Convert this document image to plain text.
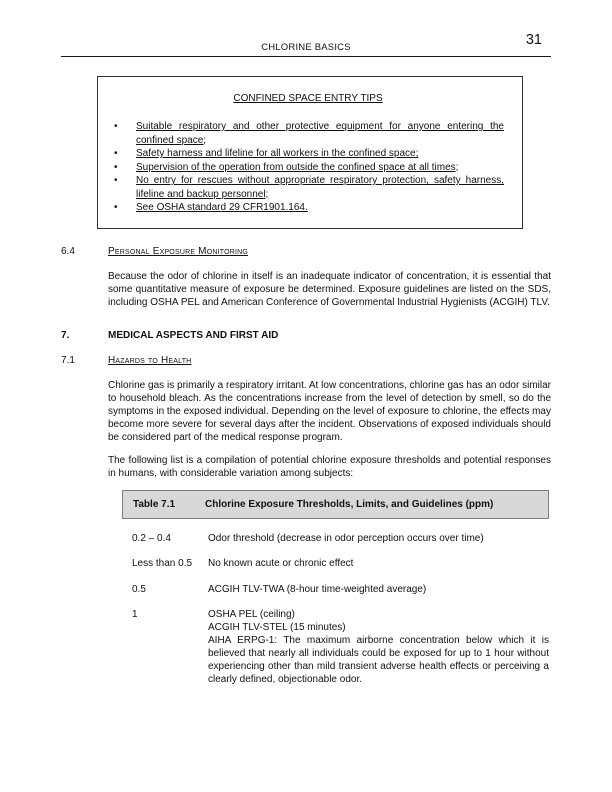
CHLORINE BASICS	31
CONFINED SPACE ENTRY TIPS
•	Suitable respiratory and other protective equipment for anyone entering the confined space;
•	Safety harness and lifeline for all workers in the confined space;
•	Supervision of the operation from outside the confined space at all times;
•	No entry for rescues without appropriate respiratory protection, safety harness, lifeline and backup personnel;
•	See OSHA standard 29 CFR1901.164.
6.4	Personal Exposure Monitoring

Because the odor of chlorine in itself is an inadequate indicator of concentration, it is essential that some quantitative measure of exposure be determined. Exposure guidelines are listed on the SDS, including OSHA PEL and American Conference of Governmental Industrial Hygienists (ACGIH) TLV.

7.	MEDICAL ASPECTS AND FIRST AID
7.1	Hazards to Health

Chlorine gas is primarily a respiratory irritant. At low concentrations, chlorine gas has an odor similar to household bleach. As the concentrations increase from the level of detection by smell, so do the symptoms in the exposed individual. Depending on the level of exposure to chlorine, the effects may become more severe for several days after the incident. Observations of exposed individuals should be considered part of the medical response program.

The following list is a compilation of potential chlorine exposure thresholds and potential responses in humans, with considerable variation among subjects:

Table 7.1	Chlorine Exposure Thresholds, Limits, and Guidelines (ppm)
0.2 – 0.4	Odor threshold (decrease in odor perception occurs over time)
Less than 0.5	No known acute or chronic effect
0.5	ACGIH TLV-TWA (8-hour time-weighted average)
1	OSHA PEL (ceiling)
ACGIH TLV-STEL (15 minutes)
AIHA ERPG-1: The maximum airborne concentration below which it is believed that nearly all individuals could be exposed for up to 1 hour without experiencing other than mild transient adverse health effects or perceiving a clearly defined, objectionable odor.
